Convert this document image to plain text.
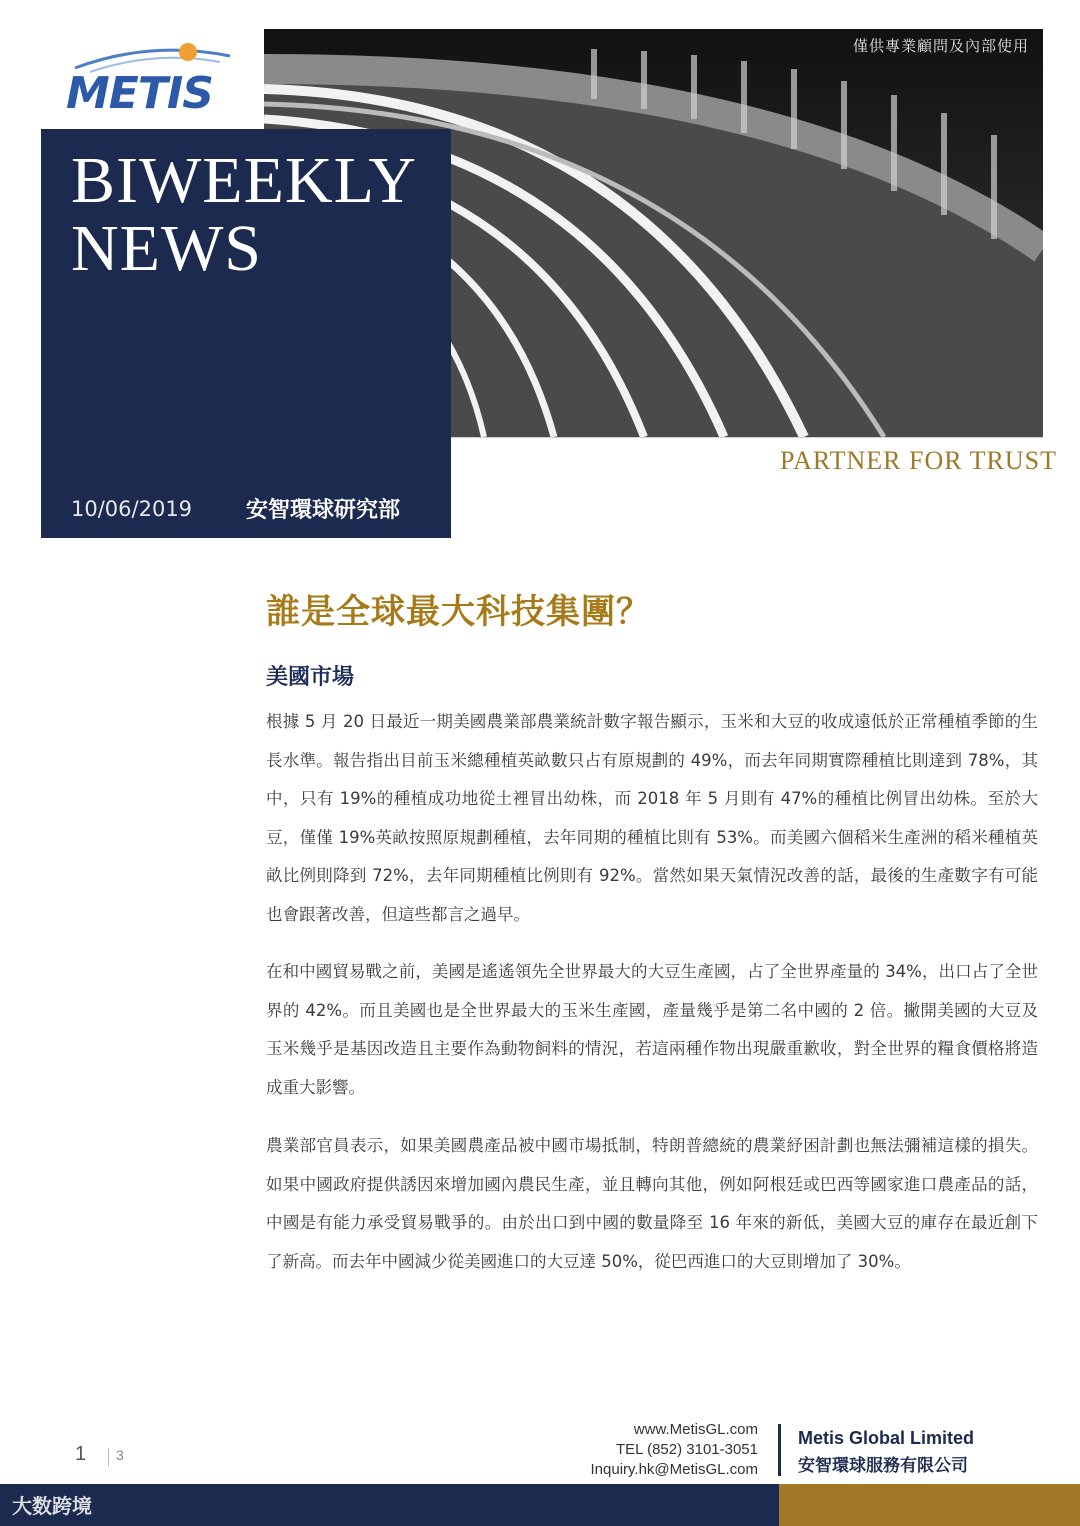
METIS
僅供專業顧問及內部使用
BIWEEKLY
NEWS
10/06/2019 安智環球研究部
PARTNER FOR TRUST
誰是全球最大科技集團？
美國市場

根據 5 月 20 日最近一期美國農業部農業統計數字報告顯示，玉米和大豆的收成遠低於正常種植季節的生長水準。報告指出目前玉米總種植英畝數只占有原規劃的 49%，而去年同期實際種植比則達到 78%，其中，只有 19%的種植成功地從土裡冒出幼株，而 2018 年 5 月則有 47%的種植比例冒出幼株。至於大豆，僅僅 19%英畝按照原規劃種植，去年同期的種植比則有 53%。而美國六個稻米生產洲的稻米種植英畝比例則降到 72%，去年同期種植比例則有 92%。當然如果天氣情況改善的話，最後的生產數字有可能也會跟著改善，但這些都言之過早。

在和中國貿易戰之前，美國是遙遙領先全世界最大的大豆生產國，占了全世界產量的 34%，出口占了全世界的 42%。而且美國也是全世界最大的玉米生產國，產量幾乎是第二名中國的 2 倍。撇開美國的大豆及玉米幾乎是基因改造且主要作為動物飼料的情況，若這兩種作物出現嚴重歉收，對全世界的糧食價格將造成重大影響。

農業部官員表示，如果美國農產品被中國市場抵制，特朗普總統的農業紓困計劃也無法彌補這樣的損失。如果中國政府提供誘因來增加國內農民生產，並且轉向其他，例如阿根廷或巴西等國家進口農產品的話，中國是有能力承受貿易戰爭的。由於出口到中國的數量降至 16 年來的新低，美國大豆的庫存在最近創下了新高。而去年中國減少從美國進口的大豆達 50%，從巴西進口的大豆則增加了 30%。

1 3
www.MetisGL.com
TEL (852) 3101-3051
Inquiry.hk@MetisGL.com
Metis Global Limited
安智環球服務有限公司
大数跨境
